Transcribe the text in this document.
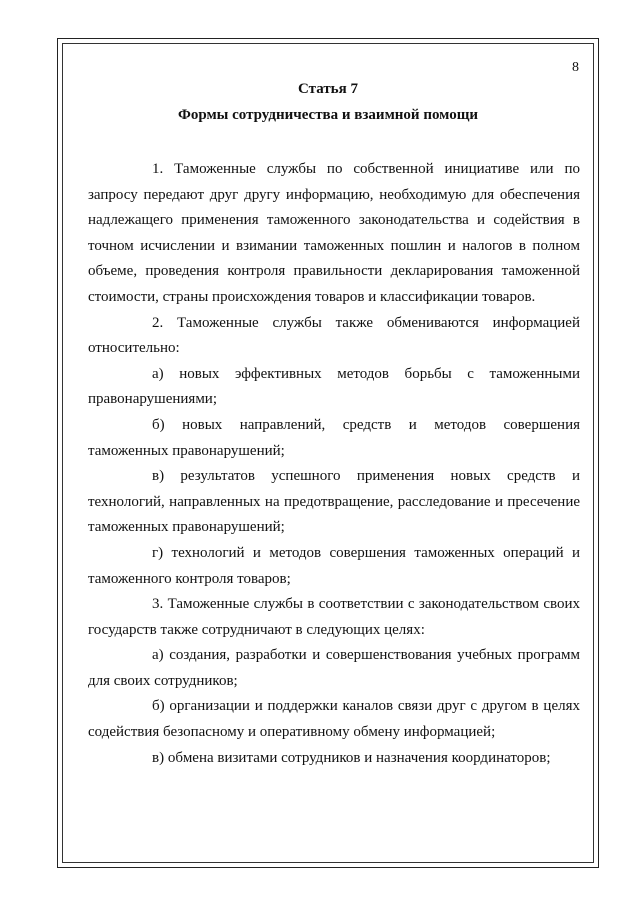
8
Статья 7
Формы сотрудничества и взаимной помощи

1. Таможенные службы по собственной инициативе или по запросу передают друг другу информацию, необходимую для обеспечения надлежащего применения таможенного законодательства и содействия в точном исчислении и взимании таможенных пошлин и налогов в полном объеме, проведения контроля правильности декларирования таможенной стоимости, страны происхождения товаров и классификации товаров.

2. Таможенные службы также обмениваются информацией относительно:

а) новых эффективных методов борьбы с таможенными правонарушениями;

б) новых направлений, средств и методов совершения таможенных правонарушений;

в) результатов успешного применения новых средств и технологий, направленных на предотвращение, расследование и пресечение таможенных правонарушений;

г) технологий и методов совершения таможенных операций и таможенного контроля товаров;

3. Таможенные службы в соответствии с законодательством своих государств также сотрудничают в следующих целях:

а) создания, разработки и совершенствования учебных программ для своих сотрудников;

б) организации и поддержки каналов связи друг с другом в целях содействия безопасному и оперативному обмену информацией;

в) обмена визитами сотрудников и назначения координаторов;
